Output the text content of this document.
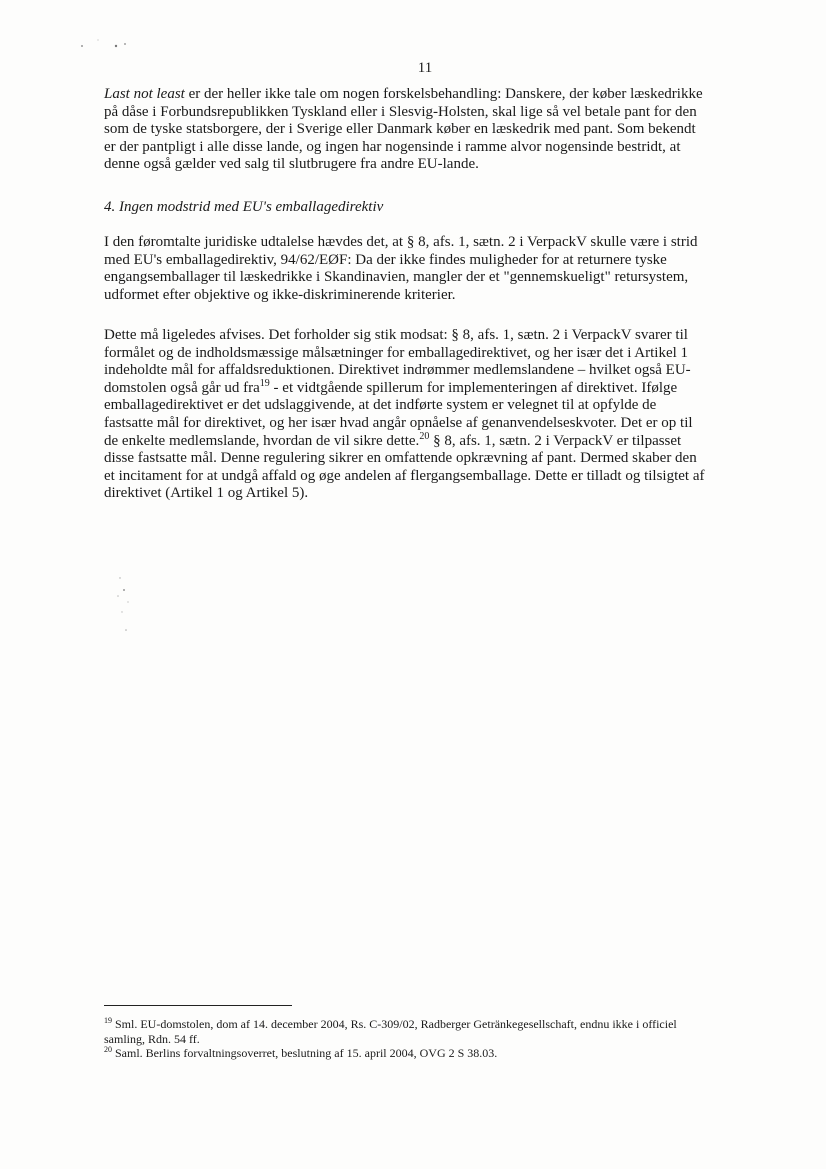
11
Last not least er der heller ikke tale om nogen forskelsbehandling: Danskere, der køber læskedrikke
på dåse i Forbundsrepublikken Tyskland eller i Slesvig-Holsten, skal lige så vel betale pant for den
som de tyske statsborgere, der i Sverige eller Danmark køber en læskedrik med pant. Som bekendt
er der pantpligt i alle disse lande, og ingen har nogensinde i ramme alvor nogensinde bestridt, at
denne også gælder ved salg til slutbrugere fra andre EU-lande.
4. Ingen modstrid med EU's emballagedirektiv
I den føromtalte juridiske udtalelse hævdes det, at § 8, afs. 1, sætn. 2 i VerpackV skulle være i strid
med EU's emballagedirektiv, 94/62/EØF: Da der ikke findes muligheder for at returnere tyske
engangsemballager til læskedrikke i Skandinavien, mangler der et "gennemskueligt" retursystem,
udformet efter objektive og ikke-diskriminerende kriterier.
Dette må ligeledes afvises. Det forholder sig stik modsat: § 8, afs. 1, sætn. 2 i VerpackV svarer til
formålet og de indholdsmæssige målsætninger for emballagedirektivet, og her især det i Artikel 1
indeholdte mål for affaldsreduktionen. Direktivet indrømmer medlemslandene – hvilket også EU-
domstolen også går ud fra$^{19}$ - et vidtgående spillerum for implementeringen af direktivet. Ifølge
emballagedirektivet er det udslaggivende, at det indførte system er velegnet til at opfylde de
fastsatte mål for direktivet, og her især hvad angår opnåelse af genanvendelseskvoter. Det er op til
de enkelte medlemslande, hvordan de vil sikre dette.$^{20}$ § 8, afs. 1, sætn. 2 i VerpackV er tilpasset
disse fastsatte mål. Denne regulering sikrer en omfattende opkrævning af pant. Dermed skaber den
et incitament for at undgå affald og øge andelen af flergangsemballage. Dette er tilladt og tilsigtet af
direktivet (Artikel 1 og Artikel 5).
$^{19}$ Sml. EU-domstolen, dom af 14. december 2004, Rs. C-309/02, Radberger Getränkegesellschaft, endnu ikke i officiel
samling, Rdn. 54 ff.
$^{20}$ Saml. Berlins forvaltningsoverret, beslutning af 15. april 2004, OVG 2 S 38.03.
